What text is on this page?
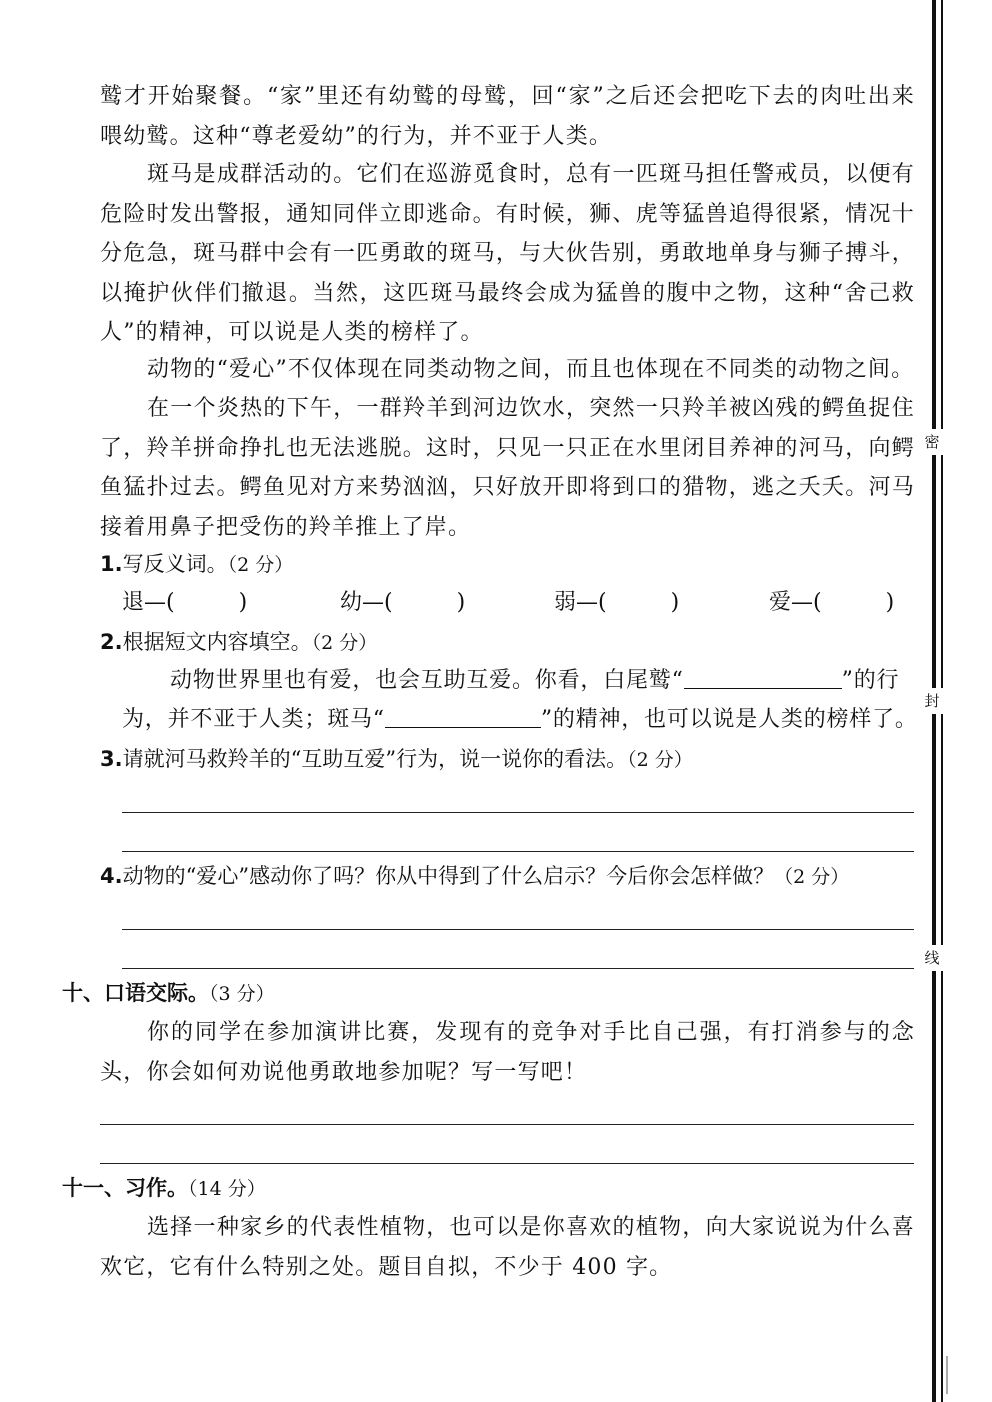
鹫才开始聚餐。“家”里还有幼鹫的母鹫，回“家”之后还会把吃下去的肉吐出来喂幼鹫。这种“尊老爱幼”的行为，并不亚于人类。

斑马是成群活动的。它们在巡游觅食时，总有一匹斑马担任警戒员，以便有危险时发出警报，通知同伴立即逃命。有时候，狮、虎等猛兽追得很紧，情况十分危急，斑马群中会有一匹勇敢的斑马，与大伙告别，勇敢地单身与狮子搏斗，以掩护伙伴们撤退。当然，这匹斑马最终会成为猛兽的腹中之物，这种“舍己救人”的精神，可以说是人类的榜样了。

动物的“爱心”不仅体现在同类动物之间，而且也体现在不同类的动物之间。

在一个炎热的下午，一群羚羊到河边饮水，突然一只羚羊被凶残的鳄鱼捉住了，羚羊拼命挣扎也无法逃脱。这时，只见一只正在水里闭目养神的河马，向鳄鱼猛扑过去。鳄鱼见对方来势汹汹，只好放开即将到口的猎物，逃之夭夭。河马接着用鼻子把受伤的羚羊推上了岸。

1.写反义词。（2 分）

退—(	)	幼—(	)	弱—(	)	爱—(	)

2.根据短文内容填空。（2 分）

动物世界里也有爱，也会互助互爱。你看，白尾鹫“	”的行

为，并不亚于人类；斑马“	”的精神，也可以说是人类的榜样了。

3.请就河马救羚羊的“互助互爱”行为，说一说你的看法。（2 分）

4.动物的“爱心”感动你了吗？你从中得到了什么启示？今后你会怎样做？（2 分）

十、口语交际。（3 分）

你的同学在参加演讲比赛，发现有的竞争对手比自己强，有打消参与的念头，你会如何劝说他勇敢地参加呢？写一写吧！

十一、习作。（14 分）

选择一种家乡的代表性植物，也可以是你喜欢的植物，向大家说说为什么喜欢它，它有什么特别之处。题目自拟，不少于 400 字。

密
封
线
